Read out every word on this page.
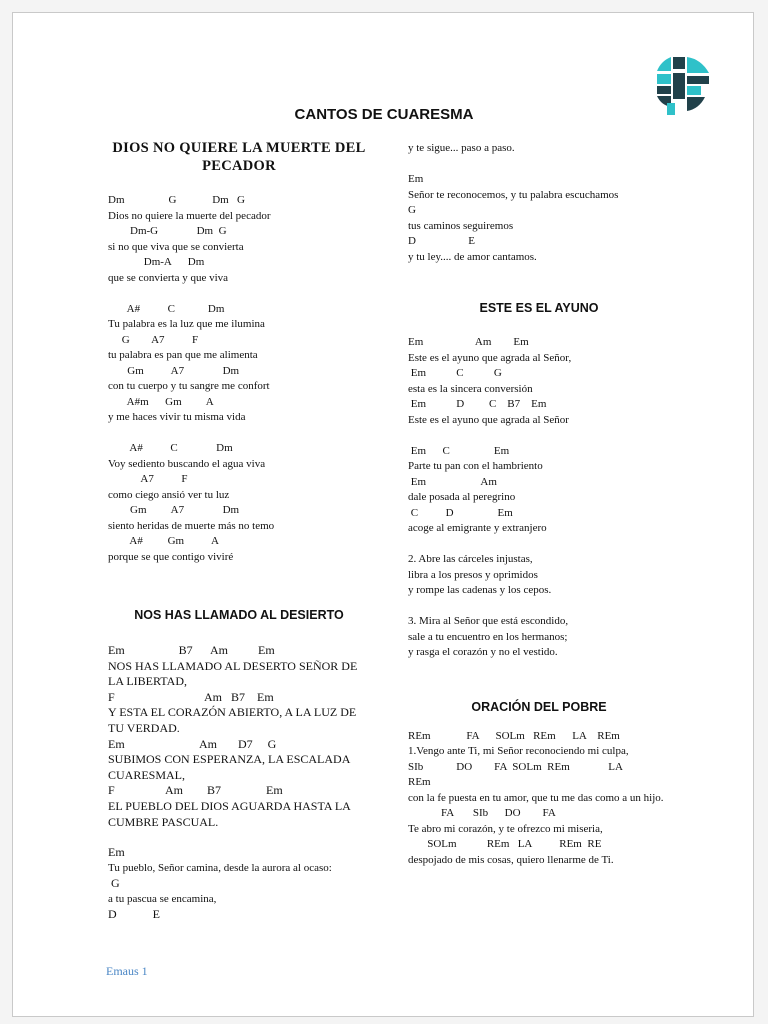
CANTOS DE CUARESMA
DIOS NO QUIERE LA MUERTE DEL PECADOR
Dm                G             Dm   G
Dios no quiere la muerte del pecador
Dm-G              Dm  G
si no que viva que se convierta
Dm-A      Dm
que se convierta y que viva
A#          C            Dm
Tu palabra es la luz que me ilumina
G        A7          F
tu palabra es pan que me alimenta
Gm          A7              Dm
con tu cuerpo y tu sangre me confort
A#m      Gm         A
y me haces vivir tu misma vida
A#          C              Dm
Voy sediento buscando el agua viva
A7          F
como ciego ansió ver tu luz
Gm         A7              Dm
siento heridas de muerte más no temo
A#         Gm          A
porque se que contigo viviré
NOS HAS LLAMADO AL DESIERTO
Em                  B7      Am          Em
NOS HAS LLAMADO AL DESERTO SEÑOR DE LA LIBERTAD,
F                              Am   B7    Em
Y ESTA EL CORAZÓN ABIERTO, A LA LUZ DE TU VERDAD.
Em                         Am       D7     G
SUBIMOS CON ESPERANZA, LA ESCALADA CUARESMAL,
F                 Am        B7               Em
EL PUEBLO DEL DIOS AGUARDA HASTA LA CUMBRE PASCUAL.
Em
Tu pueblo, Señor camina, desde la aurora al ocaso:
G
a tu pascua se encamina,
D            E
y te sigue... paso a paso.
Em
Señor te reconocemos, y tu palabra escuchamos
G
tus caminos seguiremos
D                   E
y tu ley.... de amor cantamos.
ESTE ES EL AYUNO
Em                   Am        Em
Este es el ayuno que agrada al Señor,
Em           C           G
esta es la sincera conversión
Em           D         C    B7    Em
Este es el ayuno que agrada al Señor
Em      C                Em
Parte tu pan con el hambriento
Em                    Am
dale posada al peregrino
C          D                Em
acoge al emigrante y extranjero
2. Abre las cárceles injustas,
libra a los presos y oprimidos
y rompe las cadenas y los cepos.
3. Mira al Señor que está escondido,
sale a tu encuentro en los hermanos;
y rasga el corazón y no el vestido.
ORACIÓN DEL POBRE
REm             FA      SOLm   REm      LA    REm
1.Vengo ante Ti, mi Señor reconociendo mi culpa,
SIb            DO        FA  SOLm  REm              LA
REm
con la fe puesta en tu amor, que tu me das como a un hijo.
FA       SIb      DO        FA
Te abro mi corazón, y te ofrezco mi miseria,
SOLm           REm   LA          REm  RE
despojado de mis cosas, quiero llenarme de Ti.
Emaus 1
